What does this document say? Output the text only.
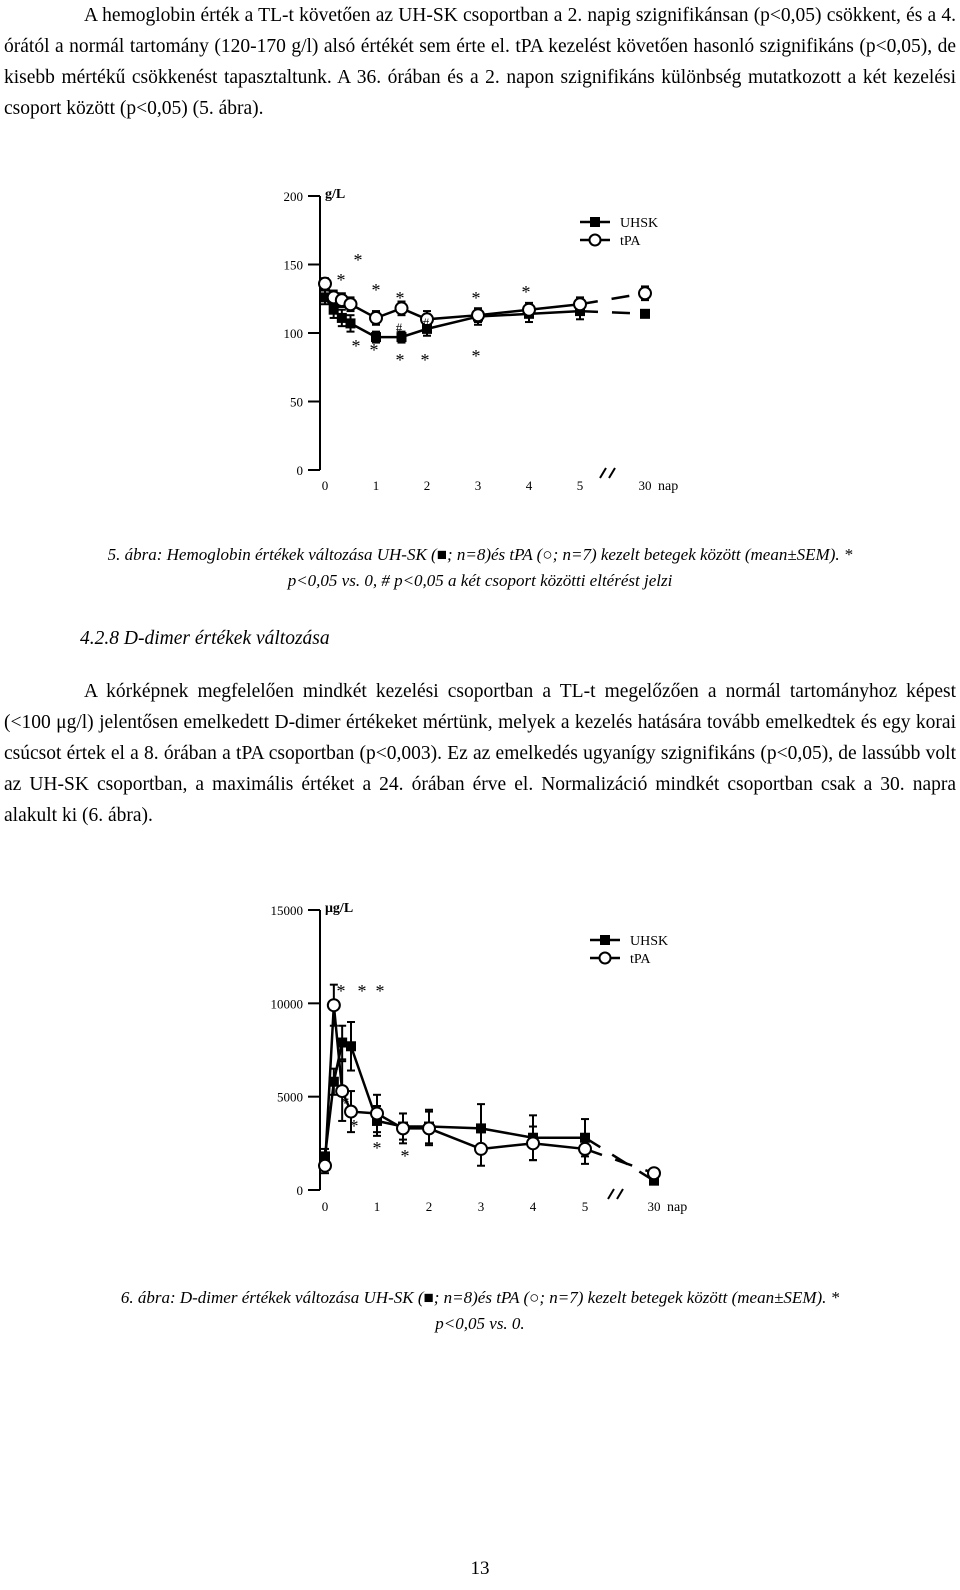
A hemoglobin érték a TL-t követően az UH-SK csoportban a 2. napig szignifikánsan (p<0,05) csökkent, és a 4. órától a normál tartomány (120-170 g/l) alsó értékét sem érte el. tPA kezelést követően hasonló szignifikáns (p<0,05), de kisebb mértékű csökkenést tapasztaltunk. A 36. órában és a 2. napon szignifikáns különbség mutatkozott a két kezelési csoport között (p<0,05) (5. ábra).

0
50
100
150
200 g/L
0	1	2	3	4	5	30 nap
UHSK
tPA
*
*
* *	* *
* * * * *
# #
5. ábra: Hemoglobin értékek változása UH-SK (■; n=8)és tPA (○; n=7) kezelt betegek között (mean±SEM). *
p<0,05 vs. 0, # p<0,05 a két csoport közötti eltérést jelzi
4.2.8 D-dimer értékek változása

A kórképnek megfelelően mindkét kezelési csoportban a TL-t megelőzően a normál tartományhoz képest (<100 μg/l) jelentősen emelkedett D-dimer értékeket mértünk, melyek a kezelés hatására tovább emelkedtek és egy korai csúcsot értek el a 8. órában a tPA csoportban (p<0,003). Ez az emelkedés ugyanígy szignifikáns (p<0,05), de lassúbb volt az UH-SK csoportban, a maximális értéket a 24. órában érve el. Normalizáció mindkét csoportban csak a 30. napra alakult ki (6. ábra).

0
5000
10000
15000 μg/L
0	1	2	3	4	5	30 nap
UHSK
tPA
* * *
*
*
* *
6. ábra: D-dimer értékek változása UH-SK (■; n=8)és tPA (○; n=7) kezelt betegek között (mean±SEM). *
p<0,05 vs. 0.
13
